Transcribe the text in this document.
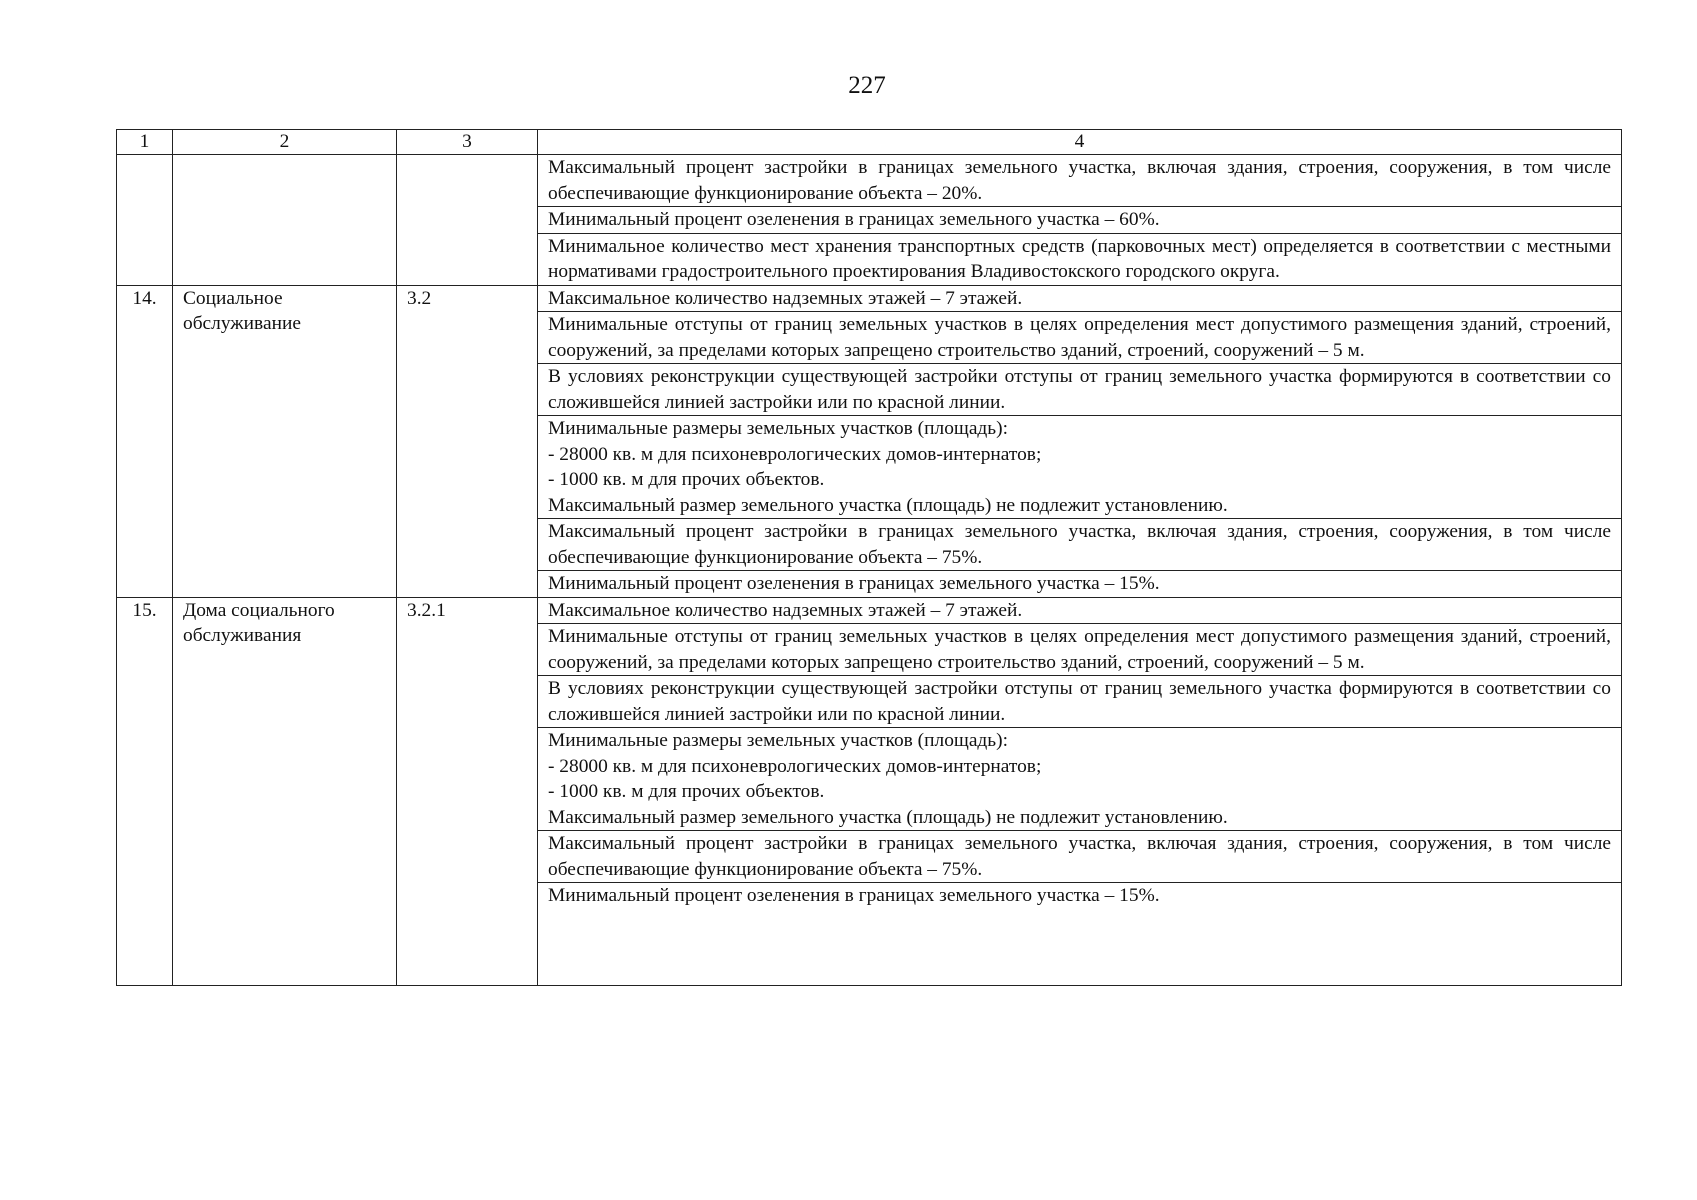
227
1	2	3	4
			Максимальный процент застройки в границах земельного участка, включая здания, строения, сооружения, в том числе обеспечивающие функционирование объекта – 20%.
			Минимальный процент озеленения в границах земельного участка – 60%.
			Минимальное количество мест хранения транспортных средств (парковочных мест) определяется в соответствии с местными нормативами градостроительного проектирования Владивостокского городского округа.
14.	Социальное обслуживание	3.2	Максимальное количество надземных этажей – 7 этажей.

			Минимальные отступы от границ земельных участков в целях определения мест допустимого размещения зданий, строений, сооружений, за пределами которых запрещено строительство зданий, строений, сооружений – 5 м.

			В условиях реконструкции существующей застройки отступы от границ земельного участка формируются в соответствии со сложившейся линией застройки или по красной линии.

			Минимальные размеры земельных участков (площадь):
- 28000 кв. м для психоневрологических домов-интернатов;
- 1000 кв. м для прочих объектов.
Максимальный размер земельного участка (площадь) не подлежит установлению.

			Максимальный процент застройки в границах земельного участка, включая здания, строения, сооружения, в том числе обеспечивающие функционирование объекта – 75%.

			Минимальный процент озеленения в границах земельного участка – 15%.

15.	Дома социального обслуживания	3.2.1	Максимальное количество надземных этажей – 7 этажей.

			Минимальные отступы от границ земельных участков в целях определения мест допустимого размещения зданий, строений, сооружений, за пределами которых запрещено строительство зданий, строений, сооружений – 5 м.

			В условиях реконструкции существующей застройки отступы от границ земельного участка формируются в соответствии со сложившейся линией застройки или по красной линии.

			Минимальные размеры земельных участков (площадь):
- 28000 кв. м для психоневрологических домов-интернатов;
- 1000 кв. м для прочих объектов.
Максимальный размер земельного участка (площадь) не подлежит установлению.

			Максимальный процент застройки в границах земельного участка, включая здания, строения, сооружения, в том числе обеспечивающие функционирование объекта – 75%.

			Минимальный процент озеленения в границах земельного участка – 15%.
